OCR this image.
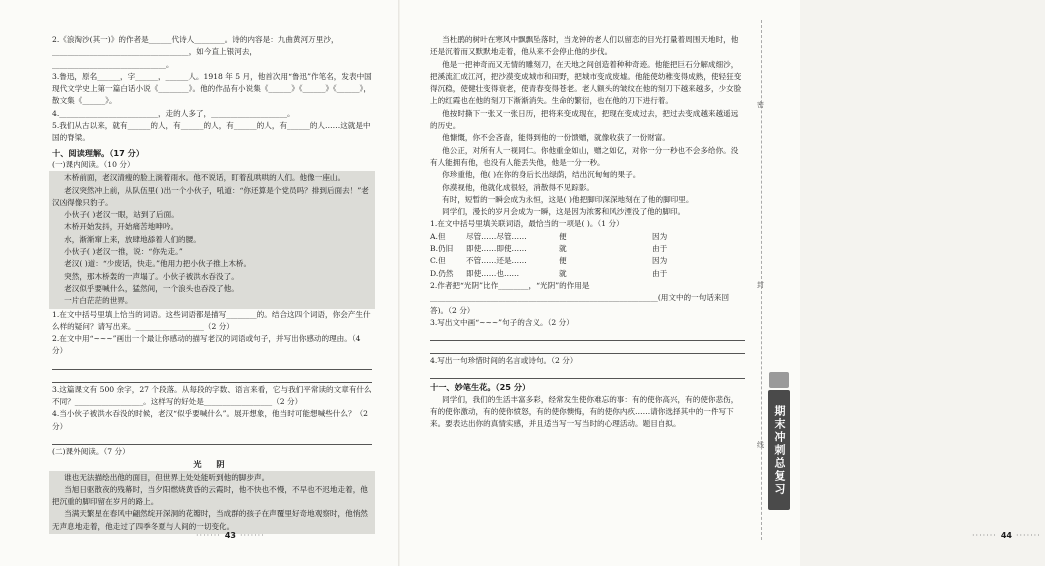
2.《浪淘沙(其一)》的作者是______代诗人________。诗的内容是：九曲黄河万里沙，____________________________________，如今直上银河去，______________________________。

3.鲁迅，原名______，字______，______人。1918 年 5 月，他首次用“鲁迅”作笔名，发表中国现代文学史上第一篇白话小说《________》。他的作品有小说集《______》《______》《______》，散文集《______》。

4.__________________________，走的人多了，____________________。

5.我们从古以来，就有______的人，有______的人，有______的人，有______的人……这就是中国的脊梁。

十、阅读理解。（17 分）

(一)课内阅读。（10 分）

木桥前面，老汉清瘦的脸上淌着雨水。他不说话，盯着乱哄哄的人们。他像一座山。

老汉突然冲上前，从队伍里( )出一个小伙子，吼道：“你还算是个党员吗？排到后面去！”老汉凶得像只豹子。

小伙子( )老汉一眼，站到了后面。

木桥开始发抖，开始痛苦地呻吟。

水，渐渐窜上来，放肆地舔着人们的腰。

小伙子( )老汉一推，说：“你先走。”

老汉( )道：“少废话，快走。”他用力把小伙子推上木桥。

突然，那木桥轰的一声塌了。小伙子被洪水吞没了。

老汉似乎要喊什么，猛然间，一个浪头也吞没了他。

一片白茫茫的世界。

1.在文中括号里填上恰当的词语。这些词语都是描写________的。结合这四个词语，你会产生什么样的疑问？请写出来。__________________（2 分）

2.在文中用“~~~”画出一个最让你感动的描写老汉的词语或句子，并写出你感动的理由。（4 分）

3.这篇课文有 500 余字，27 个段落。从每段的字数、语言来看，它与我们平常读的文章有什么不同？__________________。这样写的好处是__________________（2 分）

4.当小伙子被洪水吞没的时候，老汉“似乎要喊什么”。展开想象，他当时可能想喊些什么？（2 分）

(二)课外阅读。（7 分）

光 阴

谁也无法描绘出他的面目，但世界上处处能听到他的脚步声。

当旭日驱散夜的残幕时，当夕阳燃烧黄昏的云霞时，他不快也不慢，不早也不迟地走着，他把沉重的脚印留在岁月的路上。

当满天繁星在春风中翩然绽开深洞的花瓣时，当成群的孩子在声覆里好奇地观察时，他悄然无声息地走着，他走过了四季冬夏与人间的一切变化。

······· 43 ·······

当杜鹃的树叶在寒风中飘飘坠落时，当龙钟的老人们以留恋的目光打量着周围天地时，他还是沉着而又默默地走着，他从来不会停止他的步伐。

他是一把神奇而又无情的雕刻刀，在天地之间创造着种种奇迹。他能把巨石分解成细沙，把溪流汇成江河，把沙漠变成城市和田野，把城市变成废墟。他能使幼稚变得成熟，使轻狂变得沉稳，使健壮变得衰老，使青春变得苍老。老人额头的皱纹在他的刻刀下越来越多，少女脸上的红霞也在他的刻刀下渐渐消失。生命的繁衍，也在他的刀下进行着。

他按时撕下一张又一张日历，把将来变成现在，把现在变成过去，把过去变成越来越遥远的历史。

他慷慨，你不会吝啬，能得到他的一份馈赠，就像收获了一份财富。

他公正，对所有人一视同仁。你他重金如山，赠之如亿，对你一分一秒也不会多给你。没有人能拥有他，也没有人能丢失他，他是一分一秒。

你珍重他，他( )在你的身后长出绿荫，结出沉甸甸的果子。

你漠视他，他就化成很轻，消散得不见踪影。

有时，短暂的一瞬会成为永恒，这是( )他把脚印深深地刻在了他的脚印里。

同学们，漫长的岁月会成为一瞬，这是因为浓雾和风沙湮没了他的脚印。

1.在文中括号里填关联词语，最恰当的一项是( )。（1 分）

A.但	尽管……尽管……	便	因为
B.仍旧	即使……即使……	就	由于
C.但	不管……还是……	便	因为
D.仍然	即使……也……	就	由于

2.作者把“光阴”比作________，“光阴”的作用是____________________________________________________________(用文中的一句话来回答)。（2 分）

3.写出文中画“~~~”句子的含义。（2 分）

4.写出一句珍惜时间的名言或诗句。（2 分）

十一、妙笔生花。（25 分）

同学们，我们的生活丰富多彩，经常发生使你难忘的事：有的使你高兴，有的使你悲伤，有的使你激动，有的使你愤怒，有的使你懊悔，有的使你内疚……请你选择其中的一件写下来。要表达出你的真情实感，并且适当写一写当时的心理活动。题目自拟。

······· 44 ·······
密
封
线 期末冲刺总复习
